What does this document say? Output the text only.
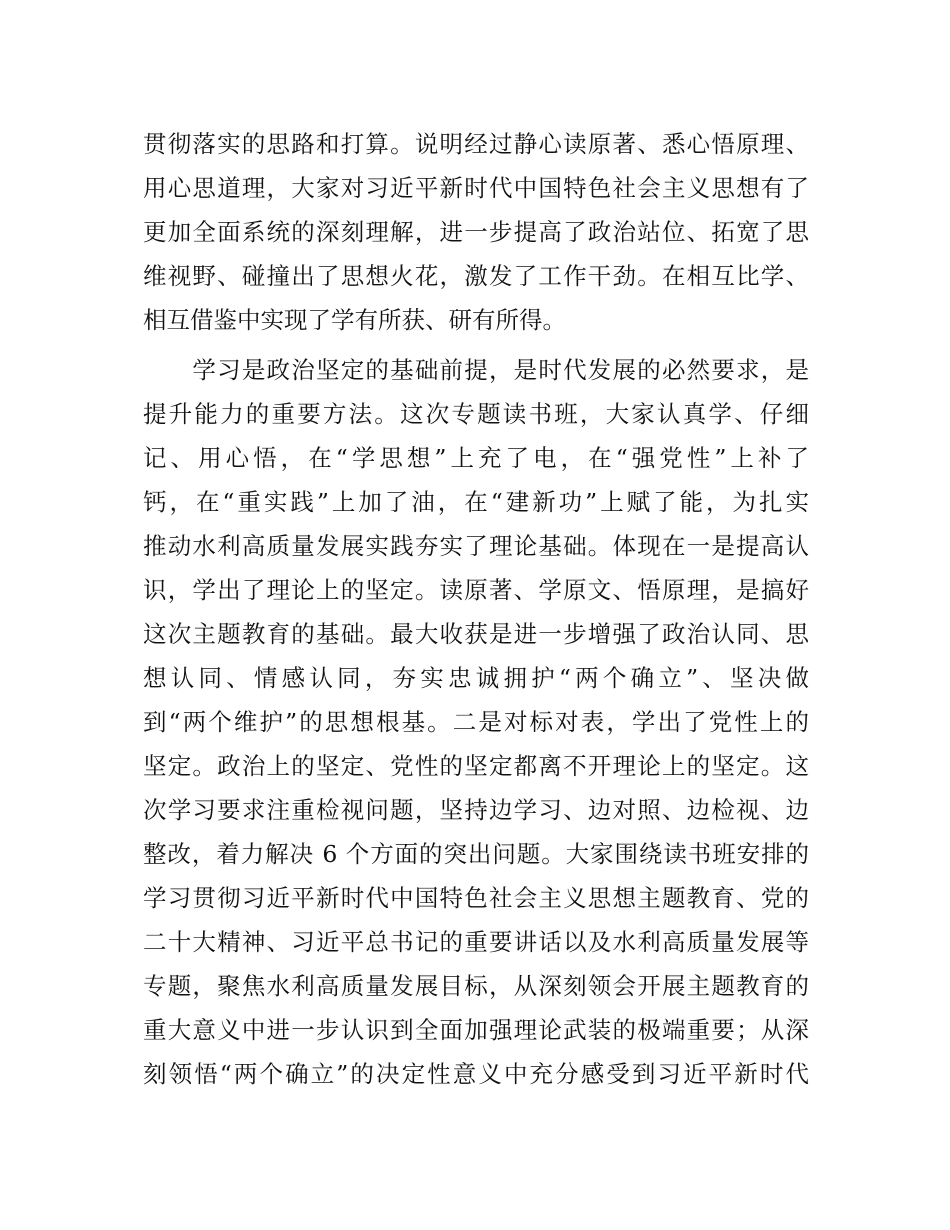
贯彻落实的思路和打算。说明经过静心读原著、悉心悟原理、
用心思道理，大家对习近平新时代中国特色社会主义思想有了
更加全面系统的深刻理解，进一步提高了政治站位、拓宽了思
维视野、碰撞出了思想火花，激发了工作干劲。在相互比学、
相互借鉴中实现了学有所获、研有所得。
　　学习是政治坚定的基础前提，是时代发展的必然要求，是
提升能力的重要方法。这次专题读书班，大家认真学、仔细
记、用心悟，在“学思想”上充了电，在“强党性”上补了
钙，在“重实践”上加了油，在“建新功”上赋了能，为扎实
推动水利高质量发展实践夯实了理论基础。体现在一是提高认
识，学出了理论上的坚定。读原著、学原文、悟原理，是搞好
这次主题教育的基础。最大收获是进一步增强了政治认同、思
想认同、情感认同，夯实忠诚拥护“两个确立”、坚决做
到“两个维护”的思想根基。二是对标对表，学出了党性上的
坚定。政治上的坚定、党性的坚定都离不开理论上的坚定。这
次学习要求注重检视问题，坚持边学习、边对照、边检视、边
整改，着力解决 6 个方面的突出问题。大家围绕读书班安排的
学习贯彻习近平新时代中国特色社会主义思想主题教育、党的
二十大精神、习近平总书记的重要讲话以及水利高质量发展等
专题，聚焦水利高质量发展目标，从深刻领会开展主题教育的
重大意义中进一步认识到全面加强理论武装的极端重要；从深
刻领悟“两个确立”的决定性意义中充分感受到习近平新时代
